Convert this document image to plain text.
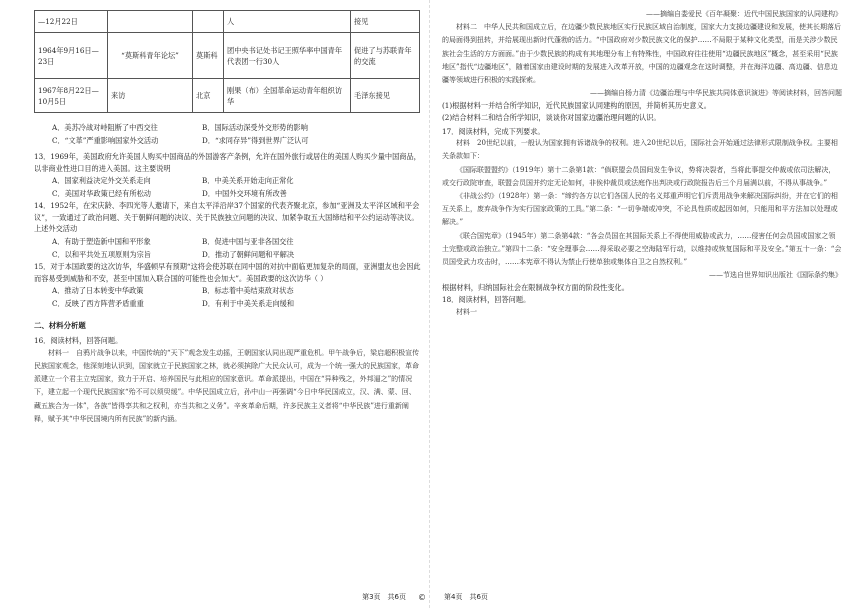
—12月22日			人	接见
1964年9月16日—23日	“莫斯科青年论坛”	莫斯科	团中央书记处书记王照华率中国青年代表团一行30人	促进了与苏联青年的交流
1967年8月22日—10月5日	来访	北京	刚果（布）全国革命运动青年组织访华	毛泽东接见
A．美苏冷战对峙阻断了中西交往	B．国际活动深受外交形势的影响
C．“文革”严重影响国家外交活动	D．“求同存异”得到世界广泛认可

13．1969年，美国政府允许美国人购买中国商品的外国游客产条例，允许在国外旅行或居住的美国人购买少量中国商品，以非商业性进口目的进入美国。这主要说明

A．国家利益决定外交关系走向	B．中美关系开始走向正常化
C．美国对华政策已经有所松动	D．中国外交环境有所改善

14．1952年，在宋庆龄、李四光等人邀请下，来自太平洋沿岸37个国家的代表齐聚北京，参加“亚洲及太平洋区域和平会议”，一致通过了政治问题、关于朝鲜问题的决议、关于民族独立问题的决议、加紧争取五大国缔结和平公约运动等决议。上述外交活动

A．有助于塑造新中国和平形象	B．促进中国与亚非各国交往
C．以和平共处五项原则为宗旨	D．推动了朝鲜问题和平解决

15．对于本国政要的这次访华，华盛顿早有预期“这将会使苏联在同中国的对抗中面临更加复杂的局面，亚洲盟友也会因此而容易受到威胁和不安，甚至中国加入联合国的可能性也会加大”。美国政要的这次访华（ ）

A．推动了日本转变中华政策	B．标志着中美结束敌对状态
C．反映了西方阵营矛盾重重	D．有利于中美关系走向缓和

二、材料分析题

16．阅读材料，回答问题。

材料一　自鸦片战争以来，中国传统的“天下”观念发生动摇，王朝国家认同出现严重危机。甲午战争后，梁启超积极宣传民族国家观念，他深刻地认识到，国家就立于民族国家之林，就必须摈除广大民众认可，成为一个统一强大的民族国家，革命派建立一个君主立宪国家，致力于开启、培养国民与此相应的国家意识。革命派提出，中国在“异种残之，外邦逼之”的情况下，建立起一个现代民族国家“殆不可以须臾缓”。中华民国成立后，孙中山一再强调“今日中华民国成立，汉、满、蒙、回、藏五族合为一体”，各族“皆得享共和之权利，亦当共和之义务”。辛亥革命后期，许多民族主义者将“中华民族”进行重新阐释，赋予其“中华民国境内所有民族”的新内涵。

第3页　共6页	©

——摘编自娄爱民《百年凝聚：近代中国民族国家的认同建构》

材料二　中华人民共和国成立后，在边疆少数民族地区实行民族区域自治制度，国家大力支援边疆建设和发展，使其长期落后的局面得到扭转，并给展现出新时代蓬勃的活力。“中国政府对少数民族文化的保护……不局限于某种文化类型，而是关涉少数民族社会生活的方方面面。”由于少数民族的构成有其地理分布上有特殊性，中国政府往往使用“边疆民族地区”概念，甚至采用“民族地区”指代“边疆地区”，随着国家由建设时期的发展进入改革开放，中国的边疆观念在这时调整，并在海洋边疆、高边疆、信息边疆等领域进行积极的实践探索。

——摘编自杨力清《边疆治理与中华民族共同体意识演进》等阅读材料，回答问题

(1)根据材料一并结合所学知识，近代民族国家认同建构的原因，并简析其历史意义。

(2)结合材料二和结合所学知识，谈谈你对国家边疆治理问题的认识。

17．阅读材料，完成下列要求。

材料　20世纪以前，一般认为国家拥有诉诸战争的权利。进入20世纪以后，国际社会开始通过法律形式限制战争权。主要相关条款如下：

《国际联盟盟约》（1919年）第十二条第1款：“倘联盟会员国间发生争议，势将决裂者，当将此事提交仲裁或依司法解决，或交行政院审查，联盟会员国并约定无论如何，非俟仲裁员或法庭作出判决或行政院报告后三个月届满以前，不得从事战争。”

《非战公约》（1928年）第一条：“缔约各方以它们各国人民的名义郑重声明它们斥责用战争来解决国际纠纷，并在它们的相互关系上，废弃战争作为实行国家政策的工具。”第二条：“一切争端或冲突，不论具性质或起因如何，只能用和平方法加以处理或解决。”

《联合国宪章》（1945年）第二条第4款：“各会员国在其国际关系上不得使用威胁或武力，……侵害任何会员国或国家之领土完整或政治独立。”第四十二条：“安全理事会……得采取必要之空海陆军行动，以维持或恢复国际和平及安全。”第五十一条：“会员国受武力攻击时，……本宪章不得认为禁止行使单独或集体自卫之自然权利。”

——节选自世界知识出版社《国际条约集》

根据材料，归纳国际社会在限制战争权方面的阶段性变化。

18．阅读材料，回答问题。

材料一

第4页　共6页
